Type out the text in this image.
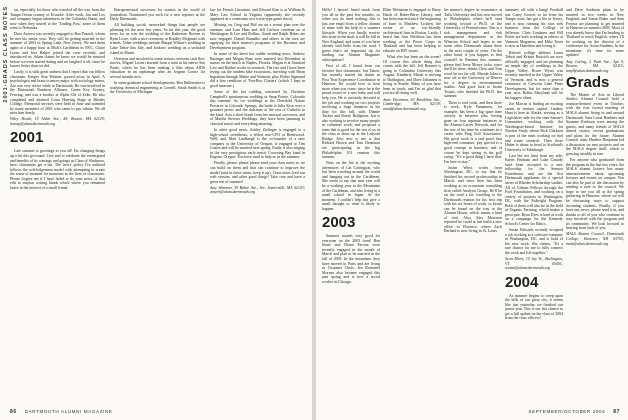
2001-GRADS CLASS NOTES	on, especially for those who traveled all the way from the Tampa-Ocean country of Ecuador. After work, Jan and Lex and company began adventures in the Columbia Basin, and now when they toured to the 'Trading Post,' some of them went to Nebraska.

Dave Avarest was recently engaged to Rao Pazzoli, whom he met his senior year. They will be getting married in the summer of 2003 in Spring Lake, New Jersey. We met them again at a happy hour at Mick's Caribbean in NYC. Claire Lyons and Jaxi Halper joined the crew recently, and introduced us. Adam claims he knew we would be married before we even started dating and we laughed it off, since he knows better than we did.

Lastly, it is with great sadness that I report that our fellow classmate, Kasper Staz Weimer, passed away in April. A psychologist and brain sciences major with sociology minor, Zaz was very active while at Dartmouth. He was involved in the Dartmouth Rainbow Alliance, Green Key Society, Fencing, and was a brother at Alpha Chi of Zeke. He also completed and attained Costa Harving Stage at Rhodes College. Memorial services were held in June and attended by many members of 2001 who came to pay tribute. We all miss him dearly.

Wiley Heath, 15 Alden Ave., #9, Boston, MA 02129; bweap@alum.dartmouth.org

2001

Late summer is greetings to you all! I'm changing things up a bit this go-round. Live and to celebrate the reenergized and benefits of its comings and goings as Class of Slackness, here, classmates get a fan. The 'news' policy I've outlined follows the soft-lodgement model with attempting to create the sense of moment for moments in the lives of classmates. Please forgive me if I have failed to do your news, or that edit to surplus writing hands which where you remained brave in the interest of a small friend.

Entrepreneurial successes for starters in the world of journalism. Nominated you each for a new reporter at the Daily Dartmouth.

All building social, networked things that people are planning for the next few years. So far this year, the good news for us was the wedding of the Katherine Boesen to Ryan Lowe, with a nice ceremony at Bradley Mcginnis with friends. Other weddings include Margie Wilson's wedding in Lake Tahoe this July, and Jordan's wedding on a secluded island in Maine.

Overseas and involved in some serious overseas cash flow moves, Miguel Leone returned from a stint in his native Sao Paulo, where he has been making a film about AIDS education in an orphanage after an Aegean Cortez for several months now.

In some graduate school developments, Ben Hallenstein is studying chemical engineering at Cornell; Sarah Smith is at the University of Michigan

law for French Literature, and Edward Kim is at William & Mary Law School in Virginia (apparently she recently appeared as a contestant on a trivia-type game show).

Moving on, Greg and Phil are on a recent plan over the summer, and Lara Haas and Jeff Carlson continue on at Washington & Lee and Rollins. Sarah and Ralph Baker are now engaged. Daniel Ramalho and others in the area are applying for their master's programs of the Business and Development program.

In some of the latest hot rodder wedding news, Andrew Basinger and Megan Baas were married last December at sunset on the beach in Naples, Florida. Megan is at Stanford Law and Robbie works in research. The two and I have been trying out the tandem bike excursions, traveling with Brian Ingraham through Maine and Vermont, plus Walter Sigmund did a fine rendition of 'Fun-Boy Clutters' (which I kept in good measure.)

Some of the hot rodding continued by Christine Campbell's spontaneous wedding in Snap Pointe, Colorado this summer. As for weddings at the Deerfield Nature Preserve in Colorado Springs, the bride is Julia Kear over a gourmet picnic and the dulcimer of the rest of Catholic to the kind. Aria a short break from her musical successes, and of Marthe Stewart Weddings, they have been jamming to classical music and everything amazing.

In other good news, Ashley Zielinger is engaged to a high-school sweetheart, a fellow non-CFO at Brentwood. Well, and Matt Lindbergh is the co-founder of a new company at the University of Oregon, is engaged to Tim Coates and will be married next spring. Emily is also singing in the very prestigious early music Crowning Bay band in Eugene, Oregon. You have until to help us in the summer.

Finally, please, please please send your class notes so we can build on them and that can continue to improve the model (and in these times, keep it up). Class notes feed our web version, and other good things! Take care and have a great rest of summer!

Amy Skimmer, 39 Baker Ave., Sec. Somerville, MA 02143; amych@alum.dartmouth.org

86 DARTMOUTH ALUMNI MAGAZINE

Hello! I haven't heard much from you all in the past few months, so when you do send nothing, this is just one email from a fellow alumni of mine with the help of a summer lifestyle. When you finally receive this issue in the mail, it will be fall in New England, and some of you have already said hello from the road. I guess that's an important tip for funding our Alumni Magazine subscriptions!

First of all, I heard from our favorite first classmates: Jon Tanen, has recently started his duties as First Year Experience Coordinator in Hanover. He would love to hear more when you come, since he is the proud owner of a new baby and will help you. He is seriously devoted to the job and working on two projects involving a huge donation in his duty for this fall, with Dianne Tucker and Kasey Bridgeton. Jon is also working to involve many people in volunteer work, and proposes a team that is good for the rest of us in the class to show up at the Ledyard Bridge. Also new to me is that Richard Brown and Tom Dennison are participating in the big Philadelphia 101 reunion this summer.

Next on the list is the exciting adventures of Cat Carrington, who has been traveling around the world and hanging out in the Caribbean. She wrote to say that next year will be a working year in the Mountains of the Caribbean, and also living in a small school in Japan. At the moment, I couldn't help but give a small thought to what is likely to happen.

2003

Summer sounds very good for everyone on the 2003 front! Ben Stone and Diana Ferrata were recently engaged in the month of March and plan to be married in the fall of 2005. In the meantime, they have moved to Paris and are living as Gourmet Chefs. Jen Rosentiel Moreau also became engaged this past spring and is now a social worker in Chicago.

Ellen Weitzman is engaged to Harry Hatch of Baker-Berry Library, and has been married since the beginning of June to Matthew Lichten, the owner of an eco-friendly architectural firm in Boston. Lastly, I heard that Ann Nettleton has been working at the Peace Corps in Thailand and has been helping to educate on HIV issues.

What else has been on the scene? Of course this whole thing that comes with the fall. Jeff Bennett is going to Columbia University this August, Kimberly Marsh is moving to Burlington, and Dave Johansen is living in Seattle. Many of you have been in touch, and I'm so glad that you are all doing well.

Anne Doorman, 63 Brookline Ave., Cambridge, MA 02139; annd@alum.dartmouth.org

his master's degree in economics at Tufts University and has now moved to Philadelphia where he'll start working toward a Ph.D. at the University of Pennsylvania. Tim is a risk management and risk management department at the Wharton School and hopes to see some other Dartmouth alums there in the next couple of years. On the other hand, if you happen to find yourself in Panama this summer, please find Jesse Moore (who, since she'll be there, thinks Chris and Tom won't be too far off). Mariah Johns is now off to the University of Denver for a degree in environmental studies. And good luck to Justin Tropas, who finished his Ph.D. last summer.

There is real work, and then there is work. Kyle Yamamoto, for example, has been a big spare time activity in between jobs, having gone on four separate instances to the Alumni Career Network, and for the rest of his time he continues in a career with Ping Golf Association. His good work is a real proof that high-end consumer, pay special is a good concept in business, and of course he kept strong in his golf swing. "It's a good thing I have that. I'm here to stay."

Justin Weiss writes from Washington, DC, to say that he finished his second professorship in March, and since then has been working as an economist consulting firm called Analysis Group. He'll be on the road a lot, traveling to the Dartmouth reunion for his first trip with his six hours of work, so Justin can be found on the way to the Alumni House, which means a kind of visit. Also, Alex Morrison reported he could at last build a new office in Florence, where Zach Berland is now living in St. Louis.

summers off with a bang! Football star Casey Grown, so far from his Tampa roots, has got a life in Jersey, and is now running his own web business from the College of Jefferson. Chris Lindauer and Bill Porter are both working as editors at Vermont Magazine, and Mike Taxer is now at Hamilton and loving it.

Retired college athletes Laura Tabott and Kristin Buttrich are now officially engaged, and are planning an ample day of weddings in the Upper Valley. Bruce Wyatt was recently married in the Upper Valley of Vermont, and is now a general contractor at Crescent Lake Pines Development, but for more than a year now, Robin Maryland will be his biggest client.

Joe Marcus is finding an exciting career in venture capital. Lindsey Hunt is here in Alaska, serving as a Legislative aide for the state Senate's Committee, working with the Washington-based Institute for Nuclear Study, where Rick Clarkson is part of the team working on fuel and waste research. Then Jesse Huber is about to head to Scotland's University of Edinburgh.

Last but not least from my side, Karen Fishman and Luke Cassidy have been accepted to a new fellowship for the Senator Foundation, and are the first Dartmouth applicants for a special series of Rhodes Scholarship studies. All of Gilman Fellows through the Ford Foundation, and working on a variety of projects in Washington, DC, with the Fulbright Program. Both of them will also be in the field of Organic Farming, which makes a great pair. Ryan Dyes is hard at work on a campaign for the Kennedy School's Center for Ethics.

Susan Edwards recently accepted a job working at a software company in Washington, DC, and is fond of her new work. She claims, "It's a rare chance for me to fully connect the work and life together."

Scott Meier, 15 Jay St., Burlington, VT 05401; scottm@alum.dartmouth.org

2004

As summer begins to creep upon the hills of our great city, it seems like just yesterday we finished our junior year. This is our last chance to get a full update on the class of 2004 from the class officers!

and Dave Seidman plans to be married in two weeks in New England, and Susan Baker and Sam Ferrara are planning to get married in Hanover in summer 2005. Most of you already know that I'm heading to Thailand to teach English, where I'll be working on the director of a conference for Asian Students. In the meantime, it's time for some updates!

Amy Loring, 2 Park Ave., Apt 9, Boston, MA 02115; amyl@alum.dartmouth.org

Grads

The Master of Arts in Liberal Studies Alumni Council held a reunion-themed event in October, with the first formal meeting of MALS alumni living in and around Dartmouth. Sara Lucia Huebner and Susanne Karlsson were among the guests, and many friends of MALS shared stories, recent graduations and plans for the future. Alumni Council chair Heather Benjamin led a discussion on new projects and on the MALS degree itself, which is growing steadily in size.

For anyone who graduated from the program in the last few years, the MALS alumni listserv has many announcements about upcoming lectures and events on campus. You can also be part of the discussion by sending a note to the council. We hope to see you all at the spring gathering in Hanover, where we will be discussing ways to support incoming students. Finally, if you have any news, please send it in, and thanks to all of you who continue to stay involved with the program and its community. We look forward to hearing from each of you.

MALS Alumni Council, Dartmouth College, Hanover, NH 03755; mals@alum.dartmouth.org

SEPTEMBER/OCTOBER 2004 87
